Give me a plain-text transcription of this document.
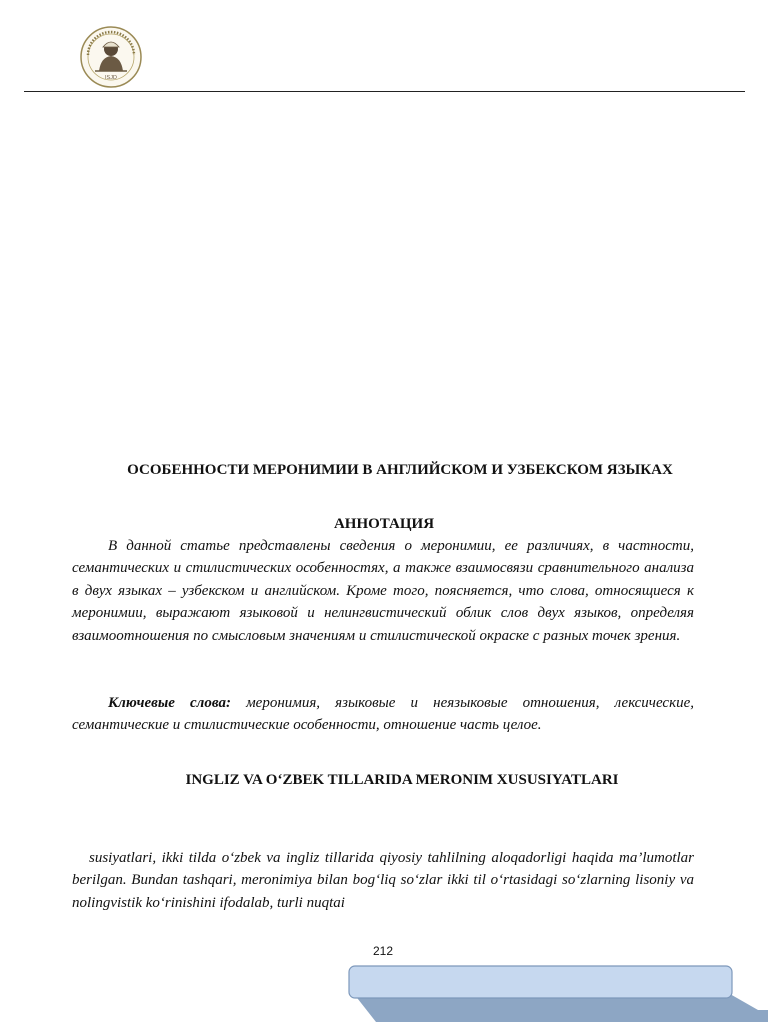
ISJD
ОСОБЕННОСТИ МЕРОНИМИИ В АНГЛИЙСКОМ И УЗБЕКСКОМ ЯЗЫКАХ
АННОТАЦИЯ
В данной статье представлены сведения о меронимии, ее различиях, в частности, семантических и стилистических особенностях, а также взаимосвязи сравнительного анализа в двух языках – узбекском и английском. Кроме того, поясняется, что слова, относящиеся к меронимии, выражают языковой и нелингвистический облик слов двух языков, определяя взаимоотношения по смысловым значениям и стилистической окраске с разных точек зрения.
Ключевые слова: меронимия, языковые и неязыковые отношения, лексические, семантические и стилистические особенности, отношение часть целое.
INGLIZ VA O‘ZBEK TILLARIDA MERONIM XUSUSIYATLARI
susiyatlari, ikki tilda o‘zbek va ingliz tillarida qiyosiy tahlilning aloqadorligi haqida ma’lumotlar berilgan. Bundan tashqari, meronimiya bilan bog‘liq so‘zlar ikki til o‘rtasidagi so‘zlarning lisoniy va nolingvistik ko‘rinishini ifodalab, turli nuqtai
212
